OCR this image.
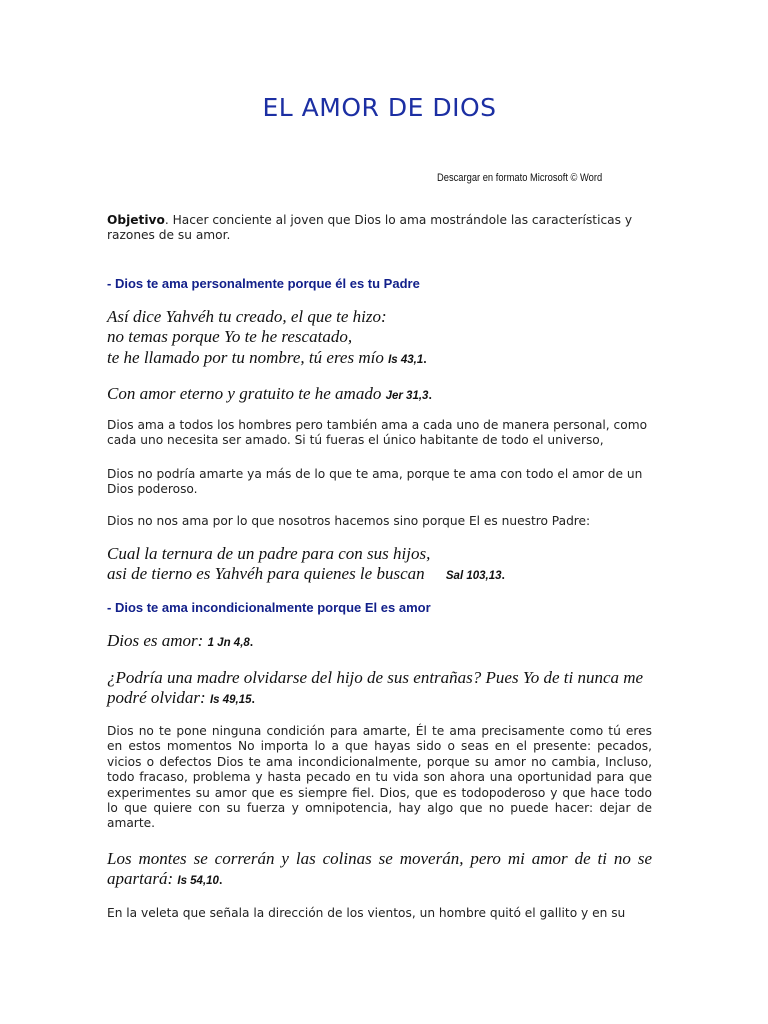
EL AMOR DE DIOS
Descargar en formato Microsoft © Word

Objetivo. Hacer conciente al joven que Dios lo ama mostrándole las características y razones de su amor.

- Dios te ama personalmente porque él es tu Padre
Así dice Yahvéh tu creado, el que te hizo:
no temas porque Yo te he rescatado,
te he llamado por tu nombre, tú eres mío Is 43,1.
Con amor eterno y gratuito te he amado Jer 31,3.

Dios ama a todos los hombres pero también ama a cada uno de manera personal, como cada uno necesita ser amado. Si tú fueras el único habitante de todo el universo,

Dios no podría amarte ya más de lo que te ama, porque te ama con todo el amor de un Dios poderoso.

Dios no nos ama por lo que nosotros hacemos sino porque El es nuestro Padre:

Cual la ternura de un padre para con sus hijos,
asi de tierno es Yahvéh para quienes le buscan Sal 103,13.
- Dios te ama incondicionalmente porque El es amor
Dios es amor: 1 Jn 4,8.
¿Podría una madre olvidarse del hijo de sus entrañas? Pues Yo de ti nunca me podré olvidar: Is 49,15.

Dios no te pone ninguna condición para amarte, Él te ama precisamente como tú eres en estos momentos No importa lo a que hayas sido o seas en el presente: pecados, vicios o defectos Dios te ama incondicionalmente, porque su amor no cambia, Incluso, todo fracaso, problema y hasta pecado en tu vida son ahora una oportunidad para que experimentes su amor que es siempre fiel. Dios, que es todopoderoso y que hace todo lo que quiere con su fuerza y omnipotencia, hay algo que no puede hacer: dejar de amarte.

Los montes se correrán y las colinas se moverán, pero mi amor de ti no se apartará: Is 54,10.

En la veleta que señala la dirección de los vientos, un hombre quitó el gallito y en su
